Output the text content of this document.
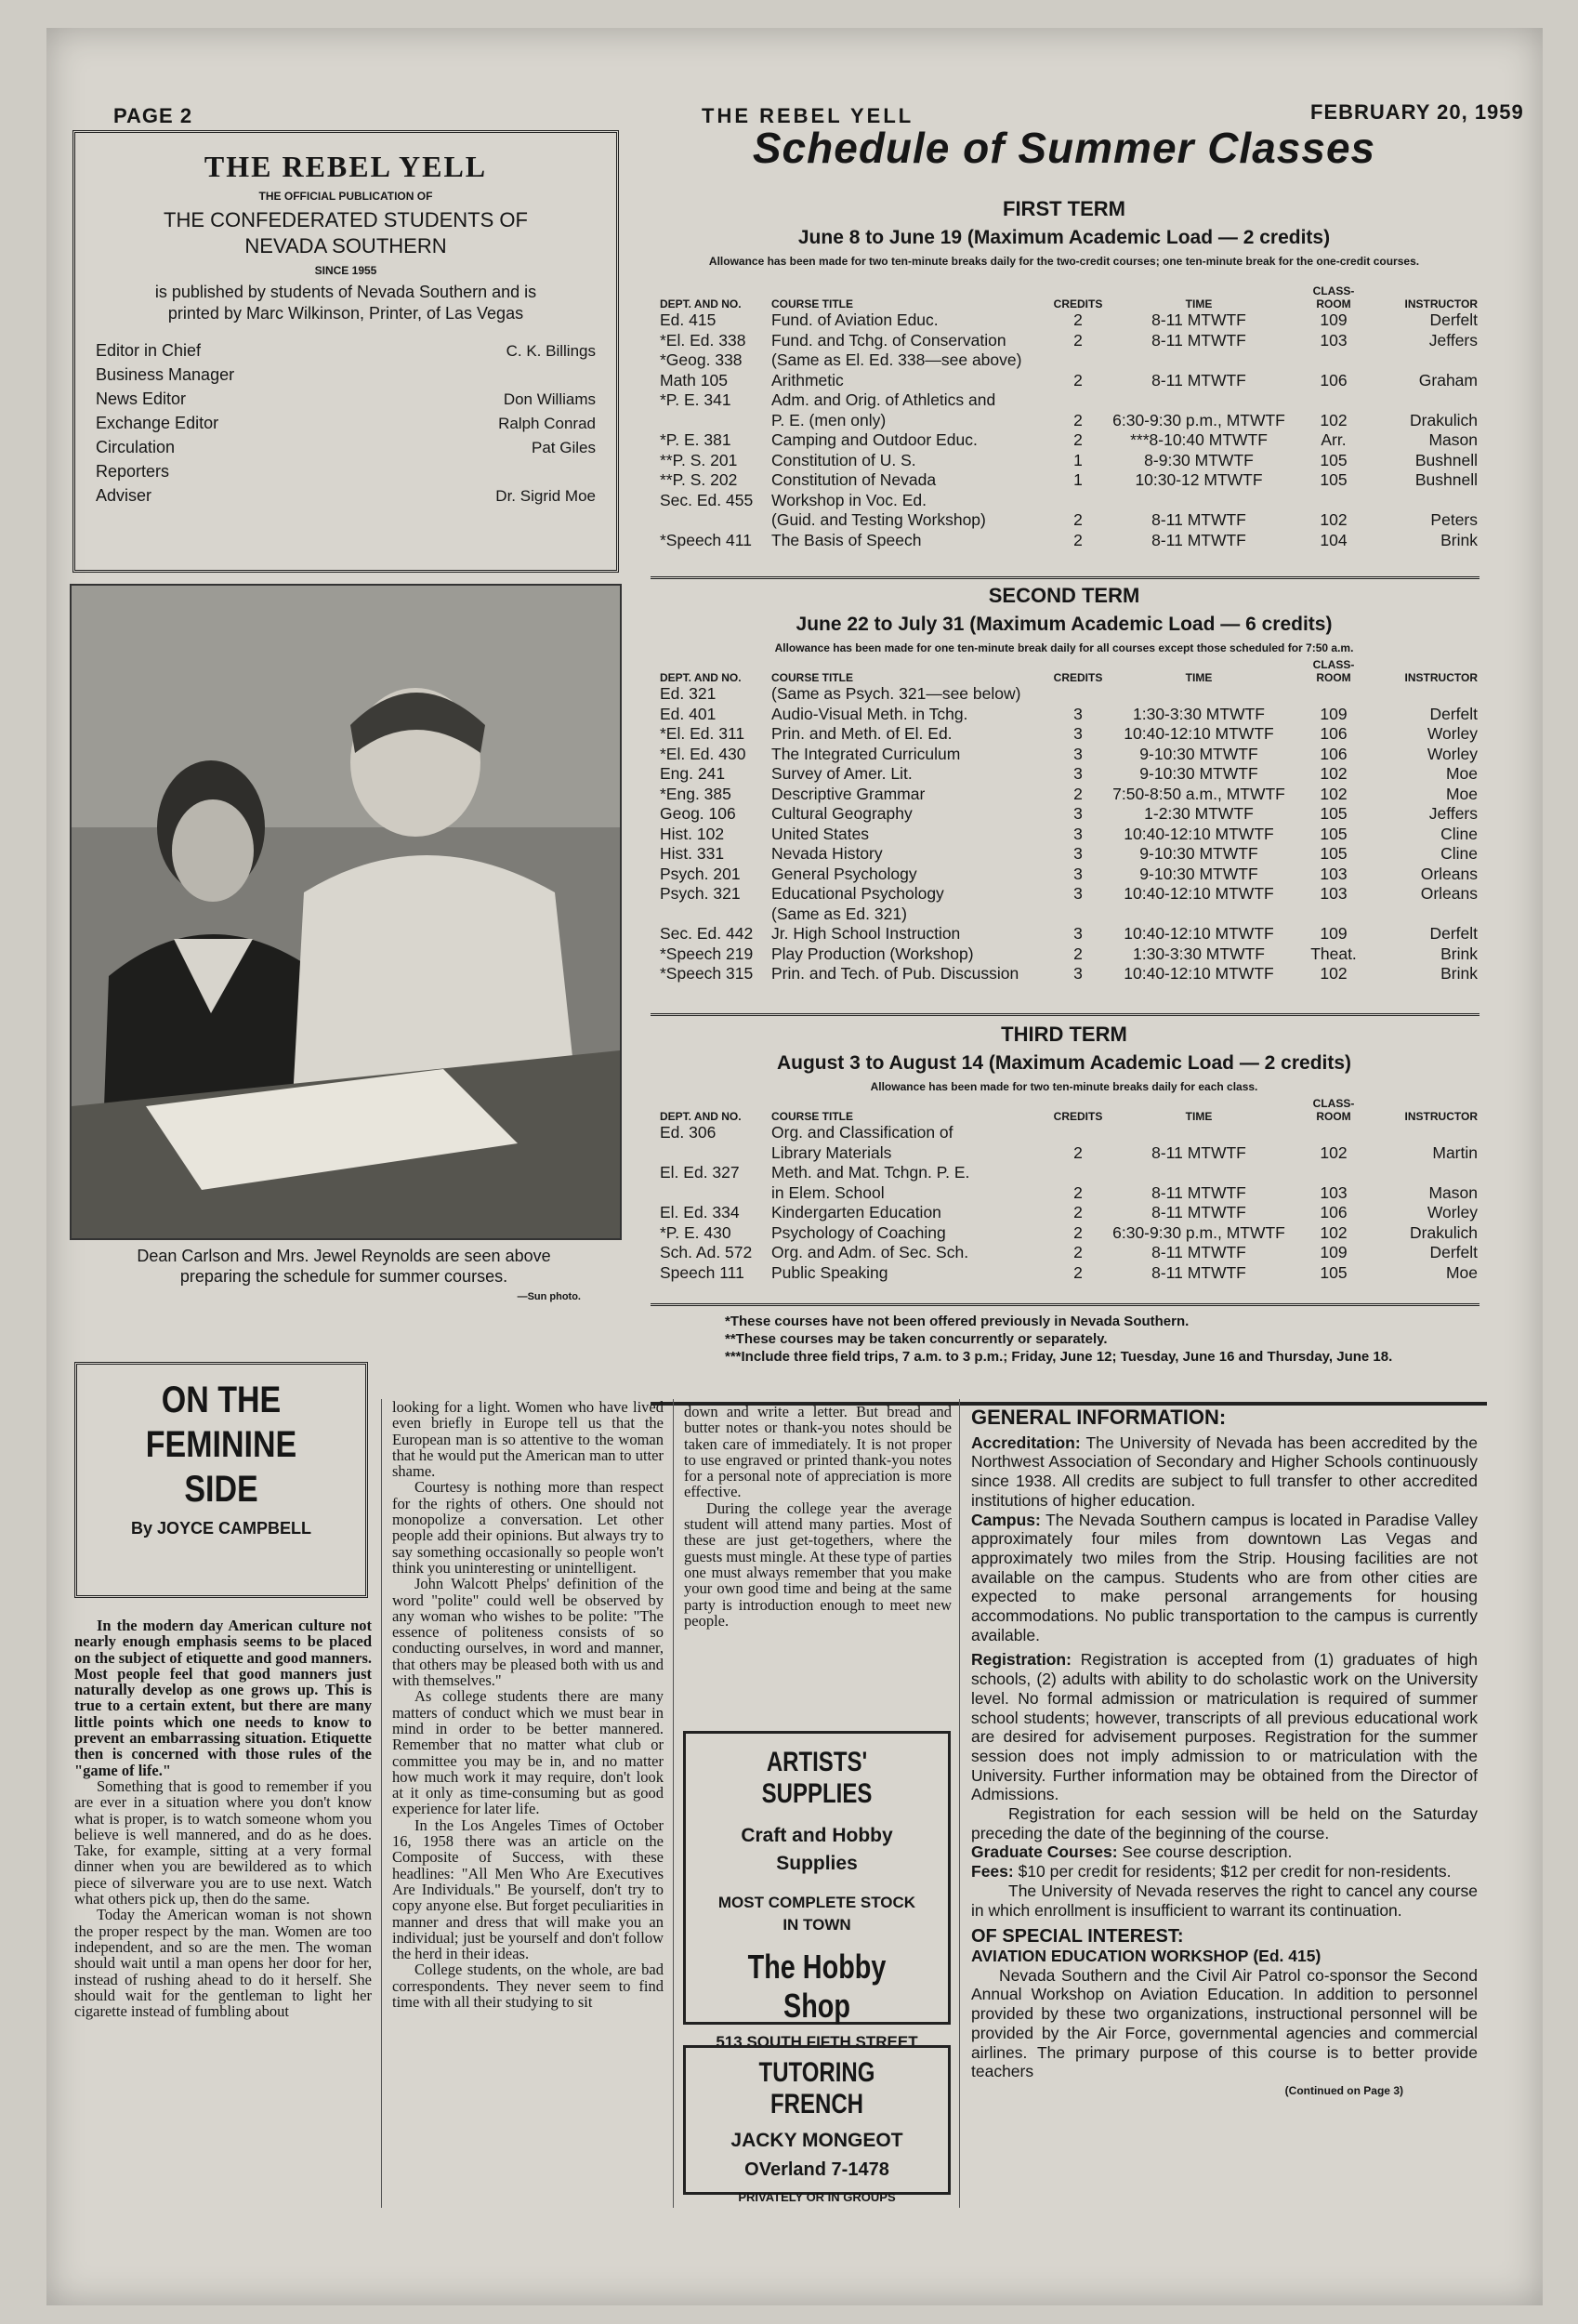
PAGE 2	THE REBEL YELL	FEBRUARY 20, 1959
THE REBEL YELL
THE OFFICIAL PUBLICATION OF
THE CONFEDERATED STUDENTS OF
NEVADA SOUTHERN
SINCE 1955
is published by students of Nevada Southern and is
printed by Marc Wilkinson, Printer, of Las Vegas
Editor in Chief	C. K. Billings
Business Manager
News Editor	Don Williams
Exchange Editor	Ralph Conrad
Circulation	Pat Giles
Reporters
Adviser	Dr. Sigrid Moe
Dean Carlson and Mrs. Jewel Reynolds are seen above
preparing the schedule for summer courses.
—Sun photo.
Schedule of Summer Classes
FIRST TERM
June 8 to June 19 (Maximum Academic Load — 2 credits)
Allowance has been made for two ten-minute breaks daily for the two-credit courses; one ten-minute break for the one-credit courses.
DEPT. AND NO.	COURSE TITLE	CREDITS	TIME
CLASS-
ROOM	INSTRUCTOR
Ed. 415	Fund. of Aviation Educ.	2	8-11 MTWTF	109	Derfelt
*El. Ed. 338	Fund. and Tchg. of Conservation	2	8-11 MTWTF	103	Jeffers
*Geog. 338	(Same as El. Ed. 338—see above)
Math 105	Arithmetic	2	8-11 MTWTF	106	Graham
*P. E. 341	Adm. and Orig. of Athletics and
P. E. (men only)	2	6:30-9:30 p.m., MTWTF	102	Drakulich
*P. E. 381	Camping and Outdoor Educ.	2	***8-10:40 MTWTF	Arr.	Mason
**P. S. 201	Constitution of U. S.	1	8-9:30 MTWTF	105	Bushnell
**P. S. 202	Constitution of Nevada	1	10:30-12 MTWTF	105	Bushnell
Sec. Ed. 455	Workshop in Voc. Ed.
(Guid. and Testing Workshop)	2	8-11 MTWTF	102	Peters
*Speech 411	The Basis of Speech	2	8-11 MTWTF	104	Brink
SECOND TERM
June 22 to July 31 (Maximum Academic Load — 6 credits)
Allowance has been made for one ten-minute break daily for all courses except those scheduled for 7:50 a.m.
DEPT. AND NO.	COURSE TITLE	CREDITS	TIME
CLASS-
ROOM	INSTRUCTOR
Ed. 321	(Same as Psych. 321—see below)
Ed. 401	Audio-Visual Meth. in Tchg.	3	1:30-3:30 MTWTF	109	Derfelt
*El. Ed. 311	Prin. and Meth. of El. Ed.	3	10:40-12:10 MTWTF	106	Worley
*El. Ed. 430	The Integrated Curriculum	3	9-10:30 MTWTF	106	Worley
Eng. 241	Survey of Amer. Lit.	3	9-10:30 MTWTF	102	Moe
*Eng. 385	Descriptive Grammar	2	7:50-8:50 a.m., MTWTF	102	Moe
Geog. 106	Cultural Geography	3	1-2:30 MTWTF	105	Jeffers
Hist. 102	United States	3	10:40-12:10 MTWTF	105	Cline
Hist. 331	Nevada History	3	9-10:30 MTWTF	105	Cline
Psych. 201	General Psychology	3	9-10:30 MTWTF	103	Orleans
Psych. 321	Educational Psychology	3	10:40-12:10 MTWTF	103	Orleans
(Same as Ed. 321)
Sec. Ed. 442	Jr. High School Instruction	3	10:40-12:10 MTWTF	109	Derfelt
*Speech 219	Play Production (Workshop)	2	1:30-3:30 MTWTF	Theat.	Brink
*Speech 315	Prin. and Tech. of Pub. Discussion	3	10:40-12:10 MTWTF	102	Brink
THIRD TERM
August 3 to August 14 (Maximum Academic Load — 2 credits)
Allowance has been made for two ten-minute breaks daily for each class.
DEPT. AND NO.	COURSE TITLE	CREDITS	TIME
CLASS-
ROOM	INSTRUCTOR
Ed. 306	Org. and Classification of
Library Materials	2	8-11 MTWTF	102	Martin
El. Ed. 327	Meth. and Mat. Tchgn. P. E.
in Elem. School	2	8-11 MTWTF	103	Mason
El. Ed. 334	Kindergarten Education	2	8-11 MTWTF	106	Worley
*P. E. 430	Psychology of Coaching	2	6:30-9:30 p.m., MTWTF	102	Drakulich
Sch. Ad. 572	Org. and Adm. of Sec. Sch.	2	8-11 MTWTF	109	Derfelt
Speech 111	Public Speaking	2	8-11 MTWTF	105	Moe
*These courses have not been offered previously in Nevada Southern.
**These courses may be taken concurrently or separately.
***Include three field trips, 7 a.m. to 3 p.m.; Friday, June 12; Tuesday, June 16 and Thursday, June 18.
ON THE
FEMININE
SIDE
By JOYCE CAMPBELL

In the modern day American culture not nearly enough emphasis seems to be placed on the subject of etiquette and good manners. Most people feel that good manners just naturally develop as one grows up. This is true to a certain extent, but there are many little points which one needs to know to prevent an embarrassing situation. Etiquette then is concerned with those rules of the "game of life."

Something that is good to remember if you are ever in a situation where you don't know what is proper, is to watch someone whom you believe is well mannered, and do as he does. Take, for example, sitting at a very formal dinner when you are bewildered as to which piece of silverware you are to use next. Watch what others pick up, then do the same.

Today the American woman is not shown the proper respect by the man. Women are too independent, and so are the men. The woman should wait until a man opens her door for her, instead of rushing ahead to do it herself. She should wait for the gentleman to light her cigarette instead of fumbling about

looking for a light. Women who have lived even briefly in Europe tell us that the European man is so attentive to the woman that he would put the American man to utter shame.

Courtesy is nothing more than respect for the rights of others. One should not monopolize a conversation. Let other people add their opinions. But always try to say something occasionally so people won't think you uninteresting or unintelligent.

John Walcott Phelps' definition of the word "polite" could well be observed by any woman who wishes to be polite: "The essence of politeness consists of so conducting ourselves, in word and manner, that others may be pleased both with us and with themselves."

As college students there are many matters of conduct which we must bear in mind in order to be better mannered. Remember that no matter what club or committee you may be in, and no matter how much work it may require, don't look at it only as time-consuming but as good experience for later life.

In the Los Angeles Times of October 16, 1958 there was an article on the Composite of Success, with these headlines: "All Men Who Are Executives Are Individuals." Be yourself, don't try to copy anyone else. But forget peculiarities in manner and dress that will make you an individual; just be yourself and don't follow the herd in their ideas.

College students, on the whole, are bad correspondents. They never seem to find time with all their studying to sit

down and write a letter. But bread and butter notes or thank-you notes should be taken care of immediately. It is not proper to use engraved or printed thank-you notes for a personal note of appreciation is more effective.

During the college year the average student will attend many parties. Most of these are just get-togethers, where the guests must mingle. At these type of parties one must always remember that you make your own good time and being at the same party is introduction enough to meet new people.

ARTISTS' SUPPLIES
Craft and Hobby
Supplies
MOST COMPLETE STOCK
IN TOWN
The Hobby Shop
513 SOUTH FIFTH STREET
TUTORING FRENCH
JACKY MONGEOT
OVerland 7-1478
PRIVATELY OR IN GROUPS
GENERAL INFORMATION:

Accreditation: The University of Nevada has been accredited by the Northwest Association of Secondary and Higher Schools continuously since 1938. All credits are subject to full transfer to other accredited institutions of higher education.

Campus: The Nevada Southern campus is located in Paradise Valley approximately four miles from downtown Las Vegas and approximately two miles from the Strip. Housing facilities are not available on the campus. Students who are from other cities are expected to make personal arrangements for housing accommodations. No public transportation to the campus is currently available.

Registration: Registration is accepted from (1) graduates of high schools, (2) adults with ability to do scholastic work on the University level. No formal admission or matriculation is required of summer school students; however, transcripts of all previous educational work are desired for advisement purposes. Registration for the summer session does not imply admission to or matriculation with the University. Further information may be obtained from the Director of Admissions.

Registration for each session will be held on the Saturday preceding the date of the beginning of the course.

Graduate Courses: See course description.

Fees: $10 per credit for residents; $12 per credit for non-residents.

The University of Nevada reserves the right to cancel any course in which enrollment is insufficient to warrant its continuation.

OF SPECIAL INTEREST:

AVIATION EDUCATION WORKSHOP (Ed. 415)

Nevada Southern and the Civil Air Patrol co-sponsor the Second Annual Workshop on Aviation Education. In addition to personnel provided by these two organizations, instructional personnel will be provided by the Air Force, governmental agencies and commercial airlines. The primary purpose of this course is to better provide teachers

(Continued on Page 3)
